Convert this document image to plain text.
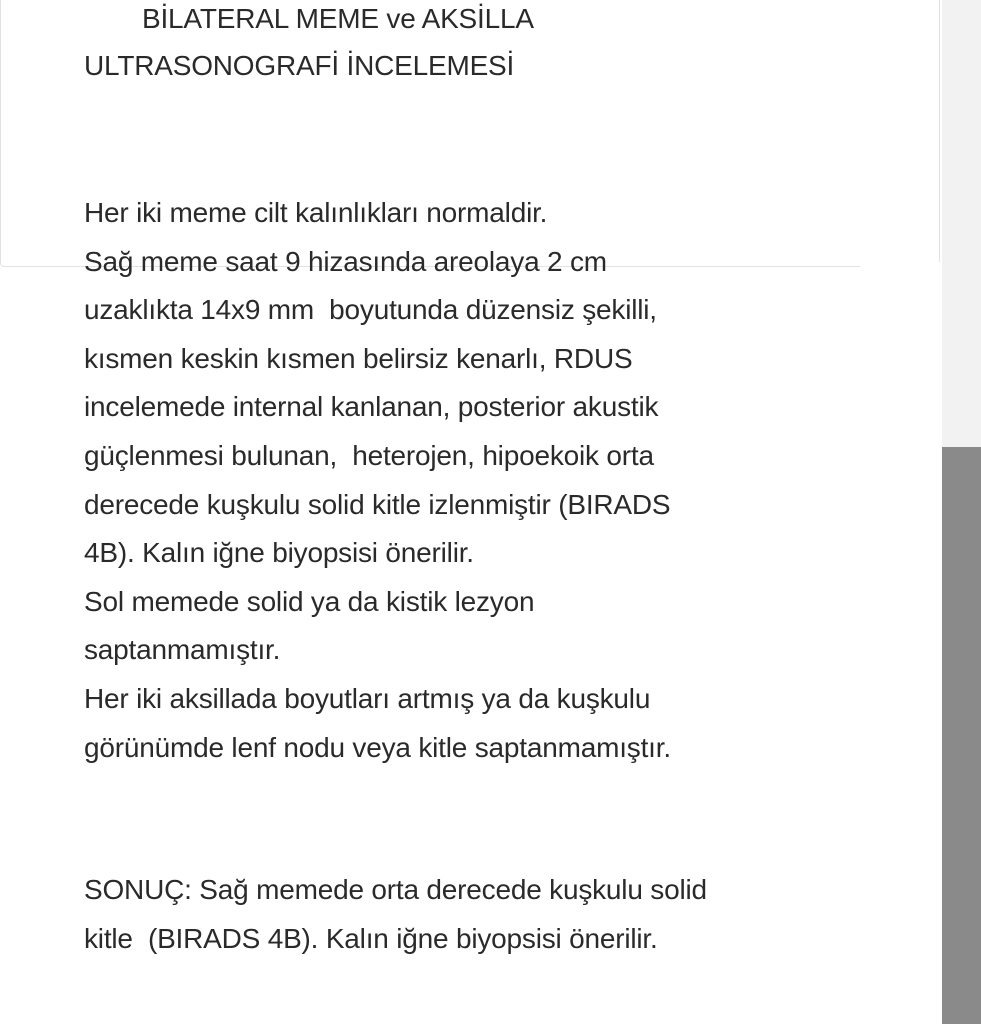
BİLATERAL MEME ve AKSİLLA
ULTRASONOGRAFİ İNCELEMESİ
Her iki meme cilt kalınlıkları normaldir.
Sağ meme saat 9 hizasında areolaya 2 cm
uzaklıkta 14x9 mm  boyutunda düzensiz şekilli,
kısmen keskin kısmen belirsiz kenarlı, RDUS
incelemede internal kanlanan, posterior akustik
güçlenmesi bulunan,  heterojen, hipoekoik orta
derecede kuşkulu solid kitle izlenmiştir (BIRADS
4B). Kalın iğne biyopsisi önerilir.
Sol memede solid ya da kistik lezyon
saptanmamıştır.
Her iki aksillada boyutları artmış ya da kuşkulu
görünümde lenf nodu veya kitle saptanmamıştır.
SONUÇ: Sağ memede orta derecede kuşkulu solid
kitle  (BIRADS 4B). Kalın iğne biyopsisi önerilir.
